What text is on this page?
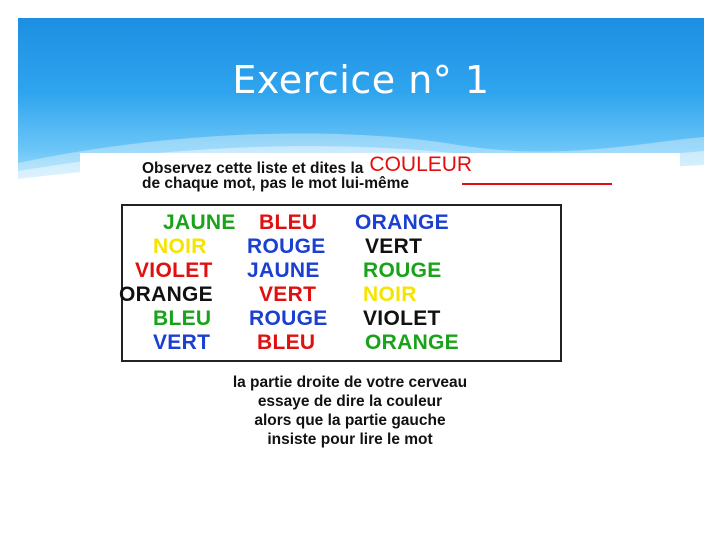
Exercice n° 1
Observez cette liste et dites la COULEUR
de chaque mot, pas le mot lui-même
JAUNE BLEU ORANGE
NOIR ROUGE VERT
VIOLET JAUNE ROUGE
ORANGE VERT NOIR
BLEU ROUGE VIOLET
VERT BLEU ORANGE
la partie droite de votre cerveau
essaye de dire la couleur
alors que la partie gauche
insiste pour lire le mot
